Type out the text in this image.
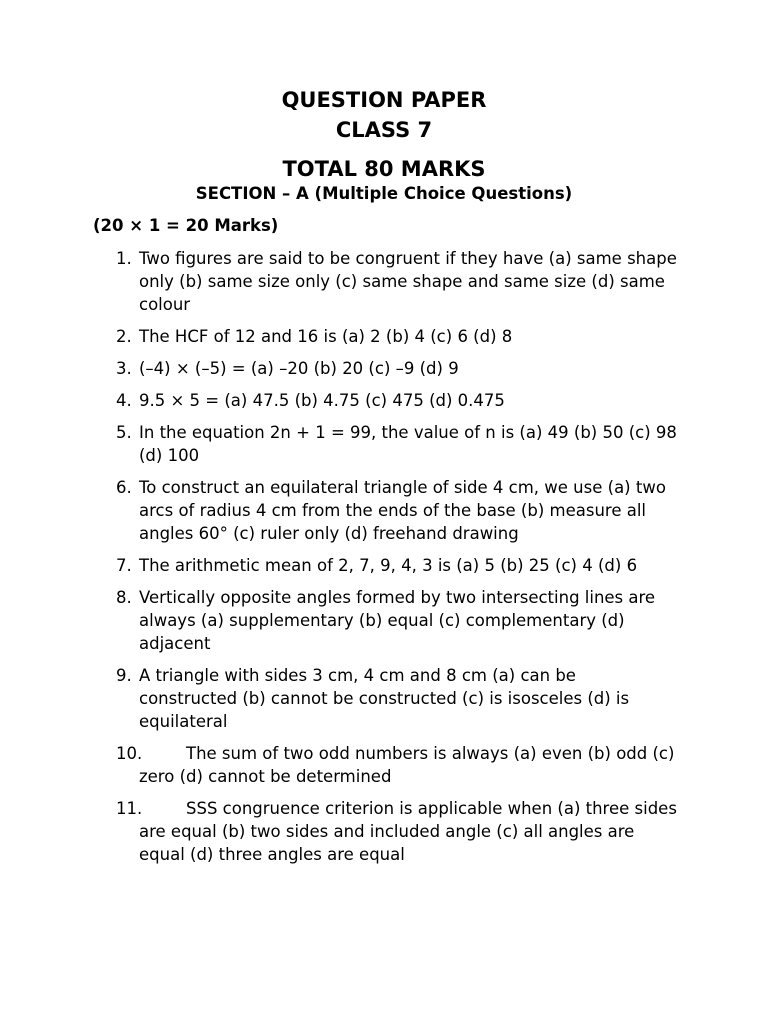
QUESTION PAPER
CLASS 7
TOTAL 80 MARKS
SECTION – A (Multiple Choice Questions)

(20 × 1 = 20 Marks)

1. Two figures are said to be congruent if they have (a) same shape only (b) same size only (c) same shape and same size (d) same colour
2. The HCF of 12 and 16 is (a) 2 (b) 4 (c) 6 (d) 8
3. (–4) × (–5) = (a) –20 (b) 20 (c) –9 (d) 9
4. 9.5 × 5 = (a) 47.5 (b) 4.75 (c) 475 (d) 0.475
5. In the equation 2n + 1 = 99, the value of n is (a) 49 (b) 50 (c) 98 (d) 100
6. To construct an equilateral triangle of side 4 cm, we use (a) two arcs of radius 4 cm from the ends of the base (b) measure all angles 60° (c) ruler only (d) freehand drawing
7. The arithmetic mean of 2, 7, 9, 4, 3 is (a) 5 (b) 25 (c) 4 (d) 6
8. Vertically opposite angles formed by two intersecting lines are always (a) supplementary (b) equal (c) complementary (d) adjacent
9. A triangle with sides 3 cm, 4 cm and 8 cm (a) can be constructed (b) cannot be constructed (c) is isosceles (d) is equilateral
10.	The sum of two odd numbers is always (a) even (b) odd (c) zero (d) cannot be determined
11.	SSS congruence criterion is applicable when (a) three sides are equal (b) two sides and included angle (c) all angles are equal (d) three angles are equal
